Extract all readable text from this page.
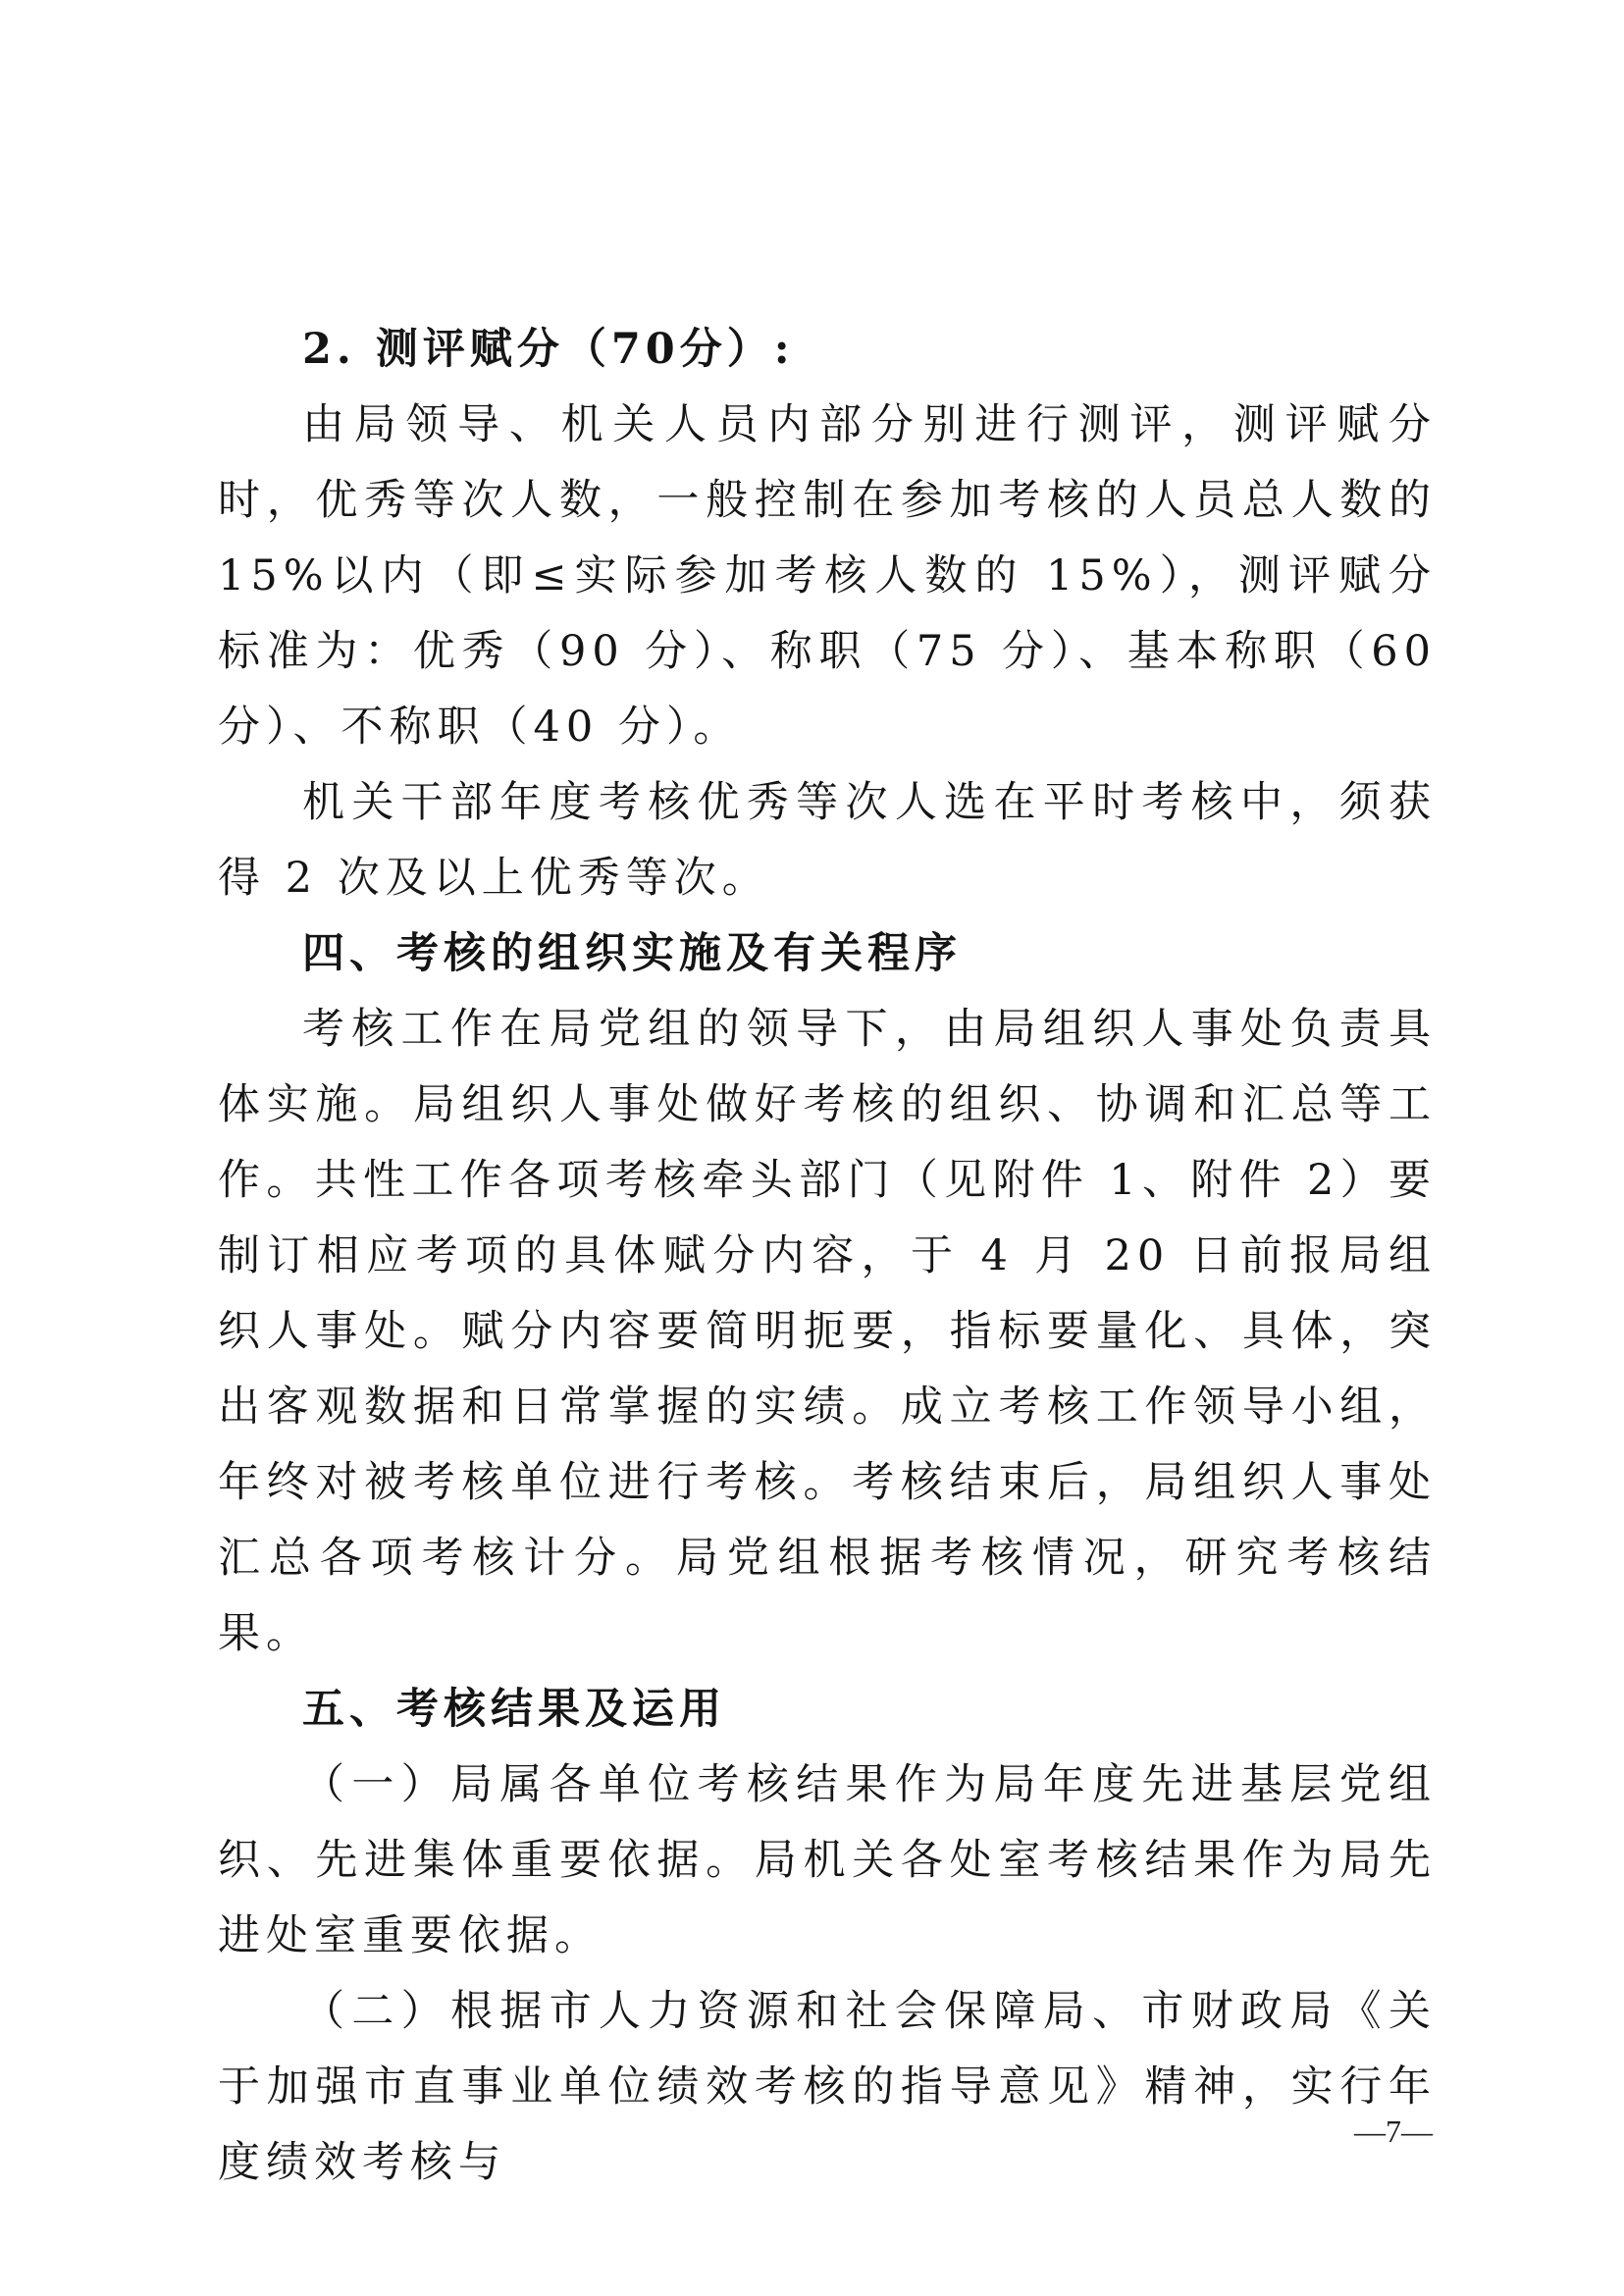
2. 测评赋分（70分）:

由局领导、机关人员内部分别进行测评，测评赋分时，优秀等次人数，一般控制在参加考核的人员总人数的15%以内（即≤实际参加考核人数的 15%），测评赋分标准为：优秀（90 分）、称职（75 分）、基本称职（60 分）、不称职（40 分）。

机关干部年度考核优秀等次人选在平时考核中，须获得 2 次及以上优秀等次。

四、考核的组织实施及有关程序

考核工作在局党组的领导下，由局组织人事处负责具体实施。局组织人事处做好考核的组织、协调和汇总等工作。共性工作各项考核牵头部门（见附件 1、附件 2）要制订相应考项的具体赋分内容，于 4 月 20 日前报局组织人事处。赋分内容要简明扼要，指标要量化、具体，突出客观数据和日常掌握的实绩。成立考核工作领导小组，年终对被考核单位进行考核。考核结束后，局组织人事处汇总各项考核计分。局党组根据考核情况，研究考核结果。

五、考核结果及运用

（一）局属各单位考核结果作为局年度先进基层党组织、先进集体重要依据。局机关各处室考核结果作为局先进处室重要依据。

（二）根据市人力资源和社会保障局、市财政局《关于加强市直事业单位绩效考核的指导意见》精神，实行年度绩效考核与

—7—
